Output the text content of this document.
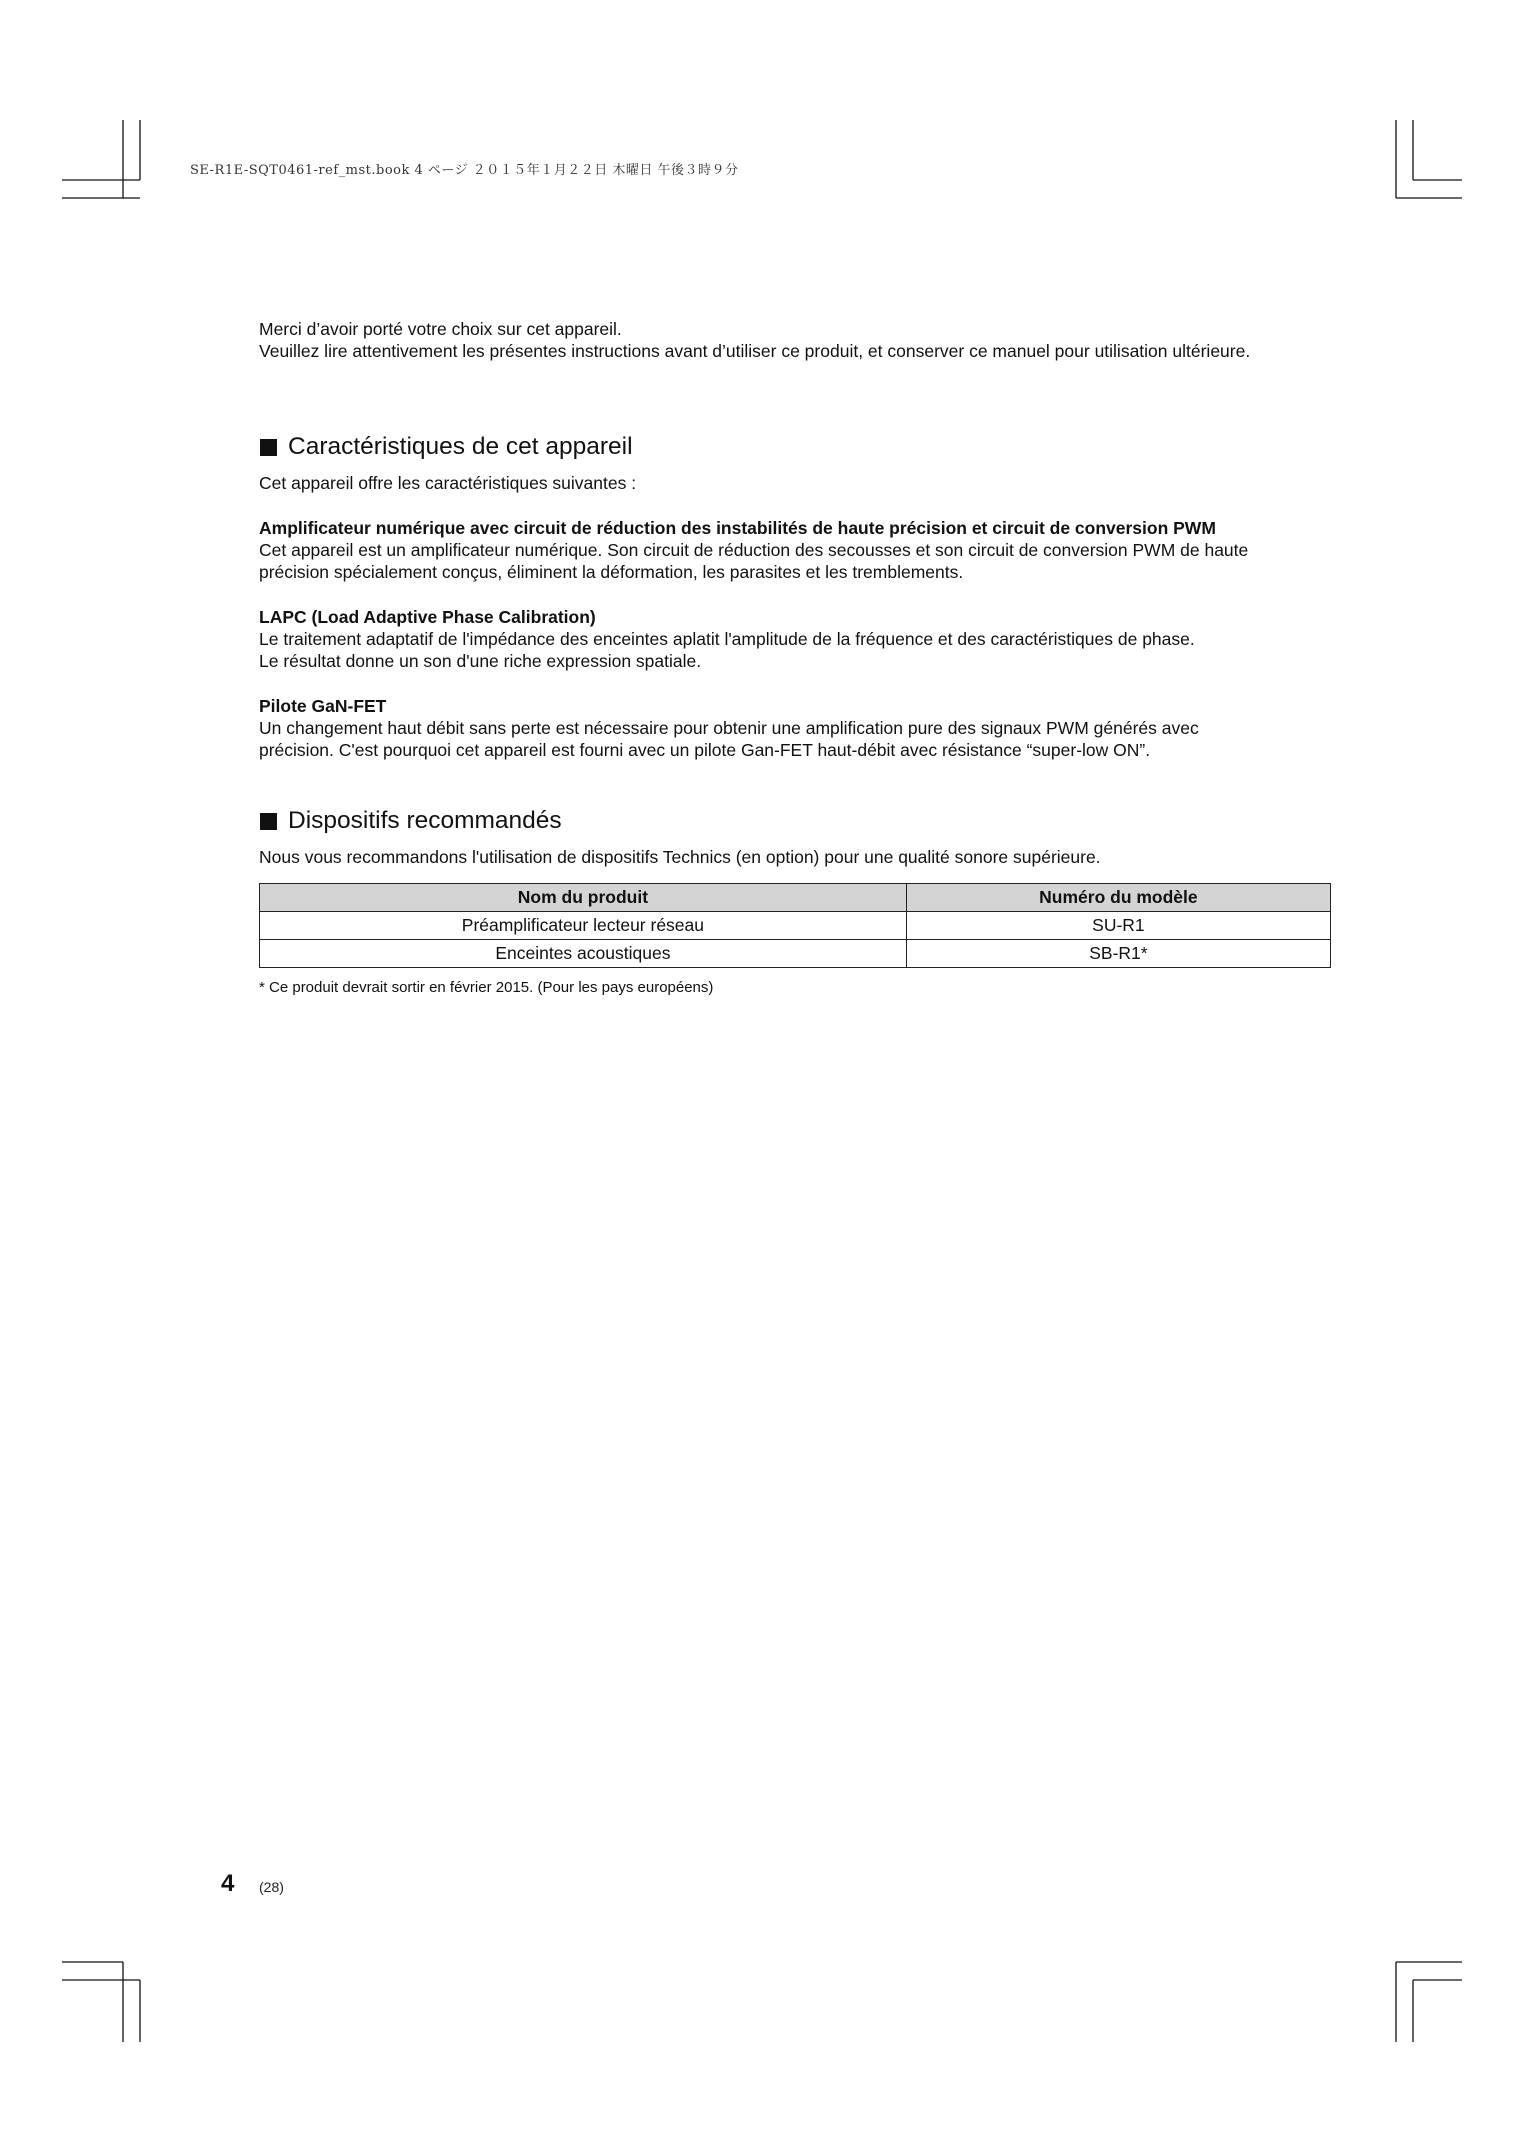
SE-R1E-SQT0461-ref_mst.book 4 ページ ２０１５年１月２２日 木曜日 午後３時９分

Merci d’avoir porté votre choix sur cet appareil.

Veuillez lire attentivement les présentes instructions avant d’utiliser ce produit, et conserver ce manuel pour utilisation ultérieure.

Caractéristiques de cet appareil

Cet appareil offre les caractéristiques suivantes :

Amplificateur numérique avec circuit de réduction des instabilités de haute précision et circuit de conversion PWM

Cet appareil est un amplificateur numérique. Son circuit de réduction des secousses et son circuit de conversion PWM de haute

précision spécialement conçus, éliminent la déformation, les parasites et les tremblements.

LAPC (Load Adaptive Phase Calibration)

Le traitement adaptatif de l'impédance des enceintes aplatit l'amplitude de la fréquence et des caractéristiques de phase.

Le résultat donne un son d'une riche expression spatiale.

Pilote GaN-FET

Un changement haut débit sans perte est nécessaire pour obtenir une amplification pure des signaux PWM générés avec

précision. C'est pourquoi cet appareil est fourni avec un pilote Gan-FET haut-débit avec résistance “super-low ON”.

Dispositifs recommandés

Nous vous recommandons l'utilisation de dispositifs Technics (en option) pour une qualité sonore supérieure.

Nom du produit	Numéro du modèle
Préamplificateur lecteur réseau	SU-R1
Enceintes acoustiques	SB-R1*

* Ce produit devrait sortir en février 2015. (Pour les pays européens)

4 (28)
